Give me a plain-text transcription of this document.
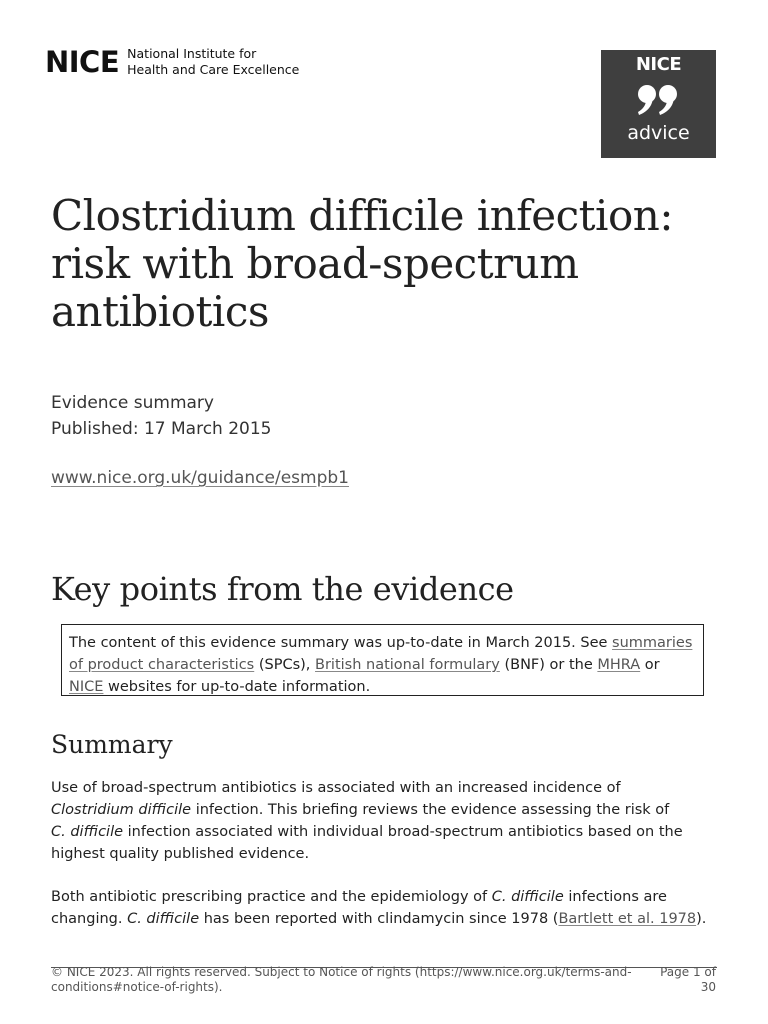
NICE National Institute for
Health and Care Excellence	NICE
advice
Clostridium difficile infection:
risk with broad-spectrum
antibiotics
Evidence summary
Published: 17 March 2015
www.nice.org.uk/guidance/esmpb1
Key points from the evidence
The content of this evidence summary was up-to-date in March 2015. See summaries
of product characteristics (SPCs), British national formulary (BNF) or the MHRA or
NICE websites for up-to-date information.
Summary
Use of broad-spectrum antibiotics is associated with an increased incidence of
Clostridium difficile infection. This briefing reviews the evidence assessing the risk of
C. difficile infection associated with individual broad-spectrum antibiotics based on the
highest quality published evidence.
Both antibiotic prescribing practice and the epidemiology of C. difficile infections are
changing. C. difficile has been reported with clindamycin since 1978 (Bartlett et al. 1978).
© NICE 2023. All rights reserved. Subject to Notice of rights (https://www.nice.org.uk/terms-and-
conditions#notice-of-rights).
Page 1 of
30
